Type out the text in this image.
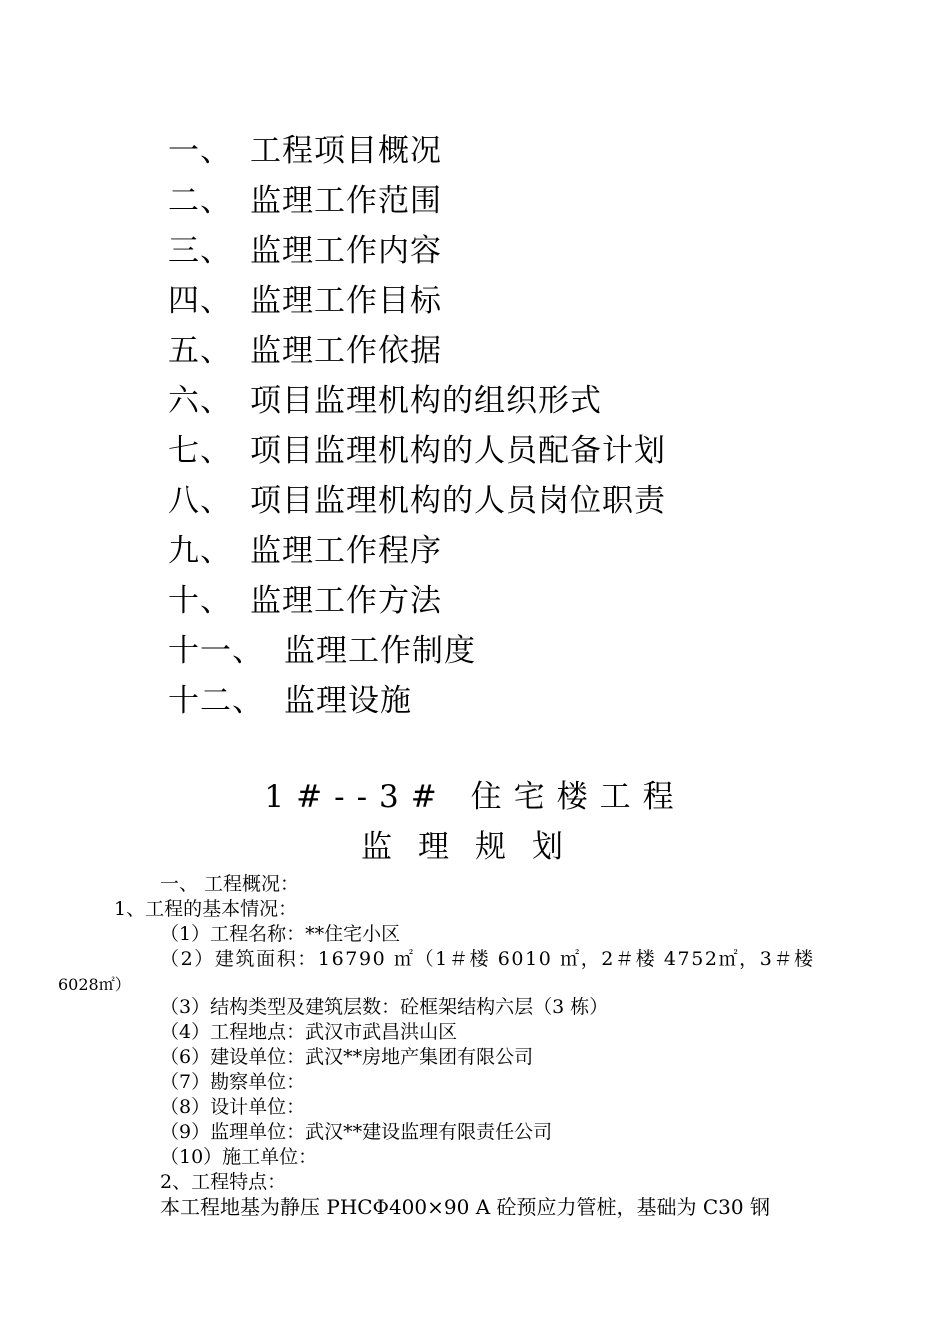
一、 工程项目概况
二、 监理工作范围
三、 监理工作内容
四、 监理工作目标
五、 监理工作依据
六、 项目监理机构的组织形式
七、 项目监理机构的人员配备计划
八、 项目监理机构的人员岗位职责
九、 监理工作程序
十、 监理工作方法
十一、 监理工作制度
十二、 监理设施
1#--3# 住宅楼工程
监理规划
一、 工程概况：
1、工程的基本情况：
（1）工程名称：**住宅小区
（2）建筑面积：16790 ㎡（1＃楼 6010 ㎡，2＃楼 4752㎡，3＃楼
6028㎡）
（3）结构类型及建筑层数：砼框架结构六层（3 栋）
（4）工程地点：武汉市武昌洪山区
（6）建设单位：武汉**房地产集团有限公司
（7）勘察单位：
（8）设计单位：
（9）监理单位：武汉**建设监理有限责任公司
（10）施工单位：
2、工程特点：
本工程地基为静压 PHCΦ400×90 A 砼预应力管桩，基础为 C30 钢
